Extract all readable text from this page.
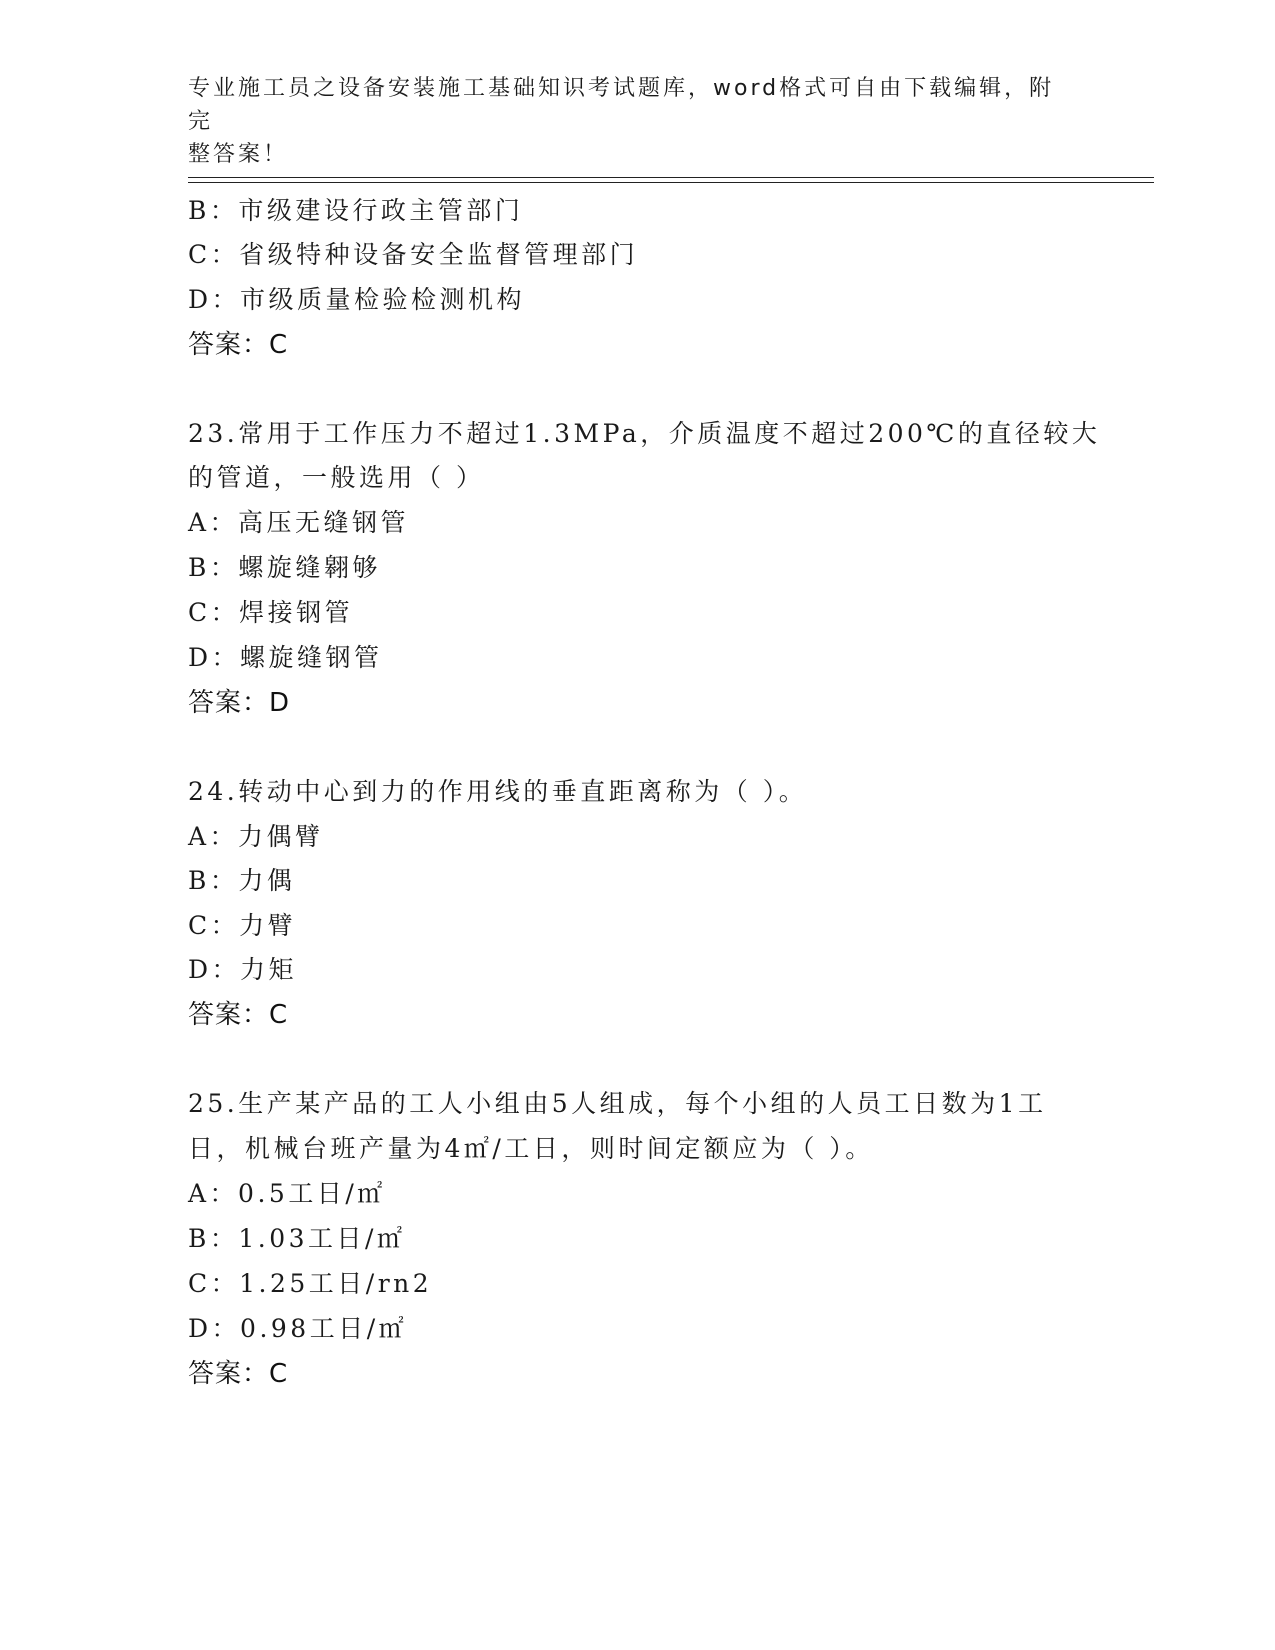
专业施工员之设备安装施工基础知识考试题库，word格式可自由下载编辑，附完
整答案！
B：市级建设行政主管部门
C：省级特种设备安全监督管理部门
D：市级质量检验检测机构
答案：C
23.常用于工作压力不超过1.3MPa，介质温度不超过200℃的直径较大
的管道，一般选用（ ）
A：高压无缝钢管
B：螺旋缝翱够
C：焊接钢管
D：螺旋缝钢管
答案：D
24.转动中心到力的作用线的垂直距离称为（ ）。
A：力偶臂
B：力偶
C：力臂
D：力矩
答案：C
25.生产某产品的工人小组由5人组成，每个小组的人员工日数为1工
日，机械台班产量为4㎡/工日，则时间定额应为（ ）。
A：0.5工日/㎡
B：1.03工日/㎡
C：1.25工日/rn2
D：0.98工日/㎡
答案：C
